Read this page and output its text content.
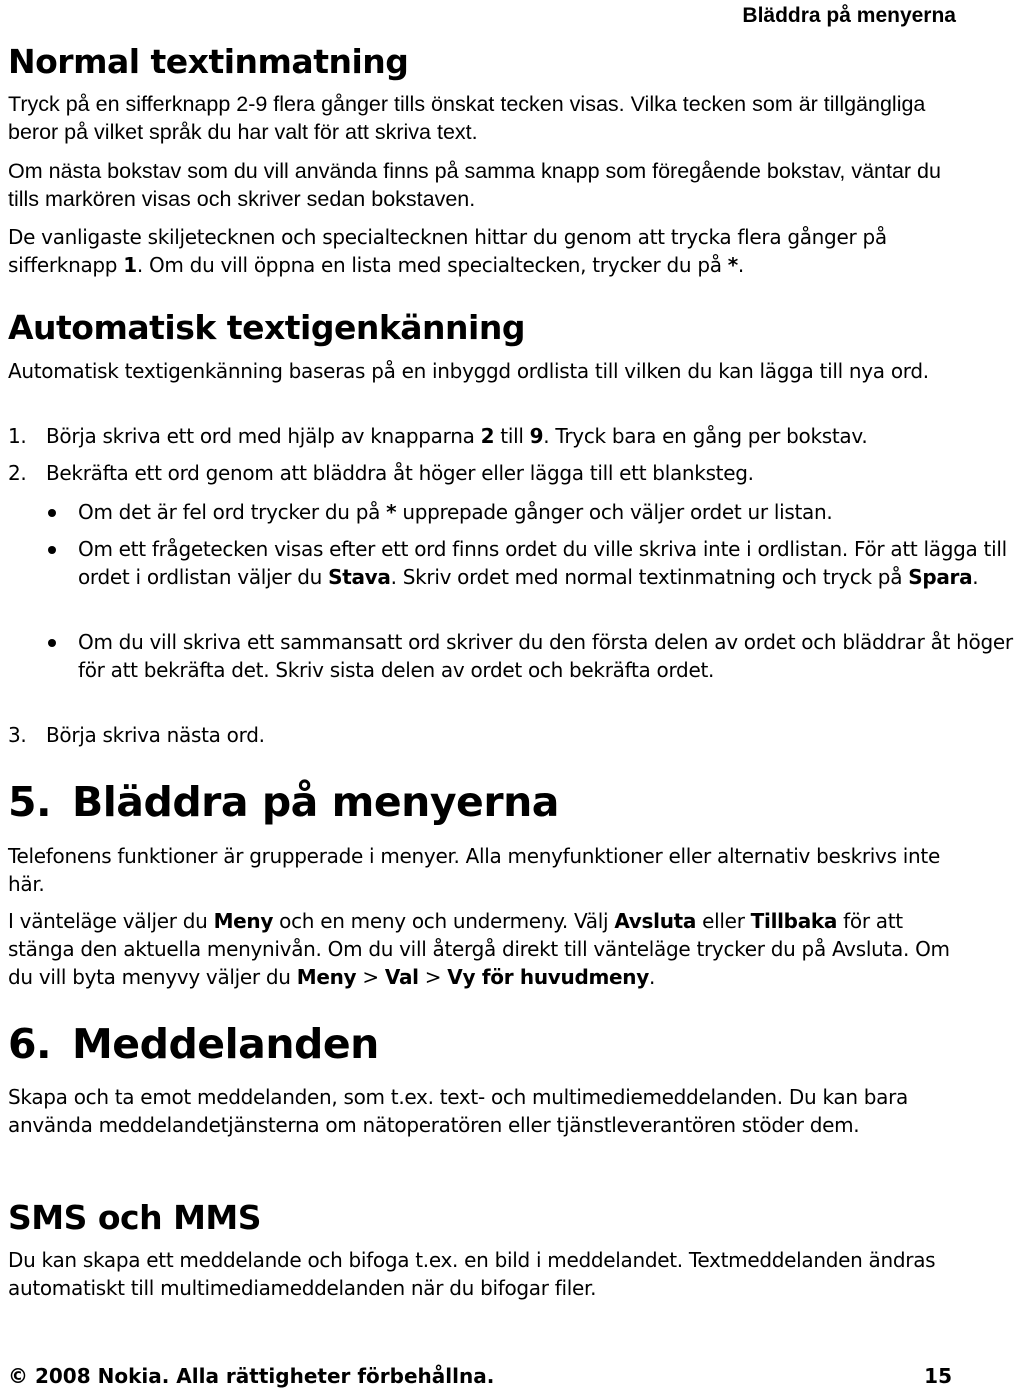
Bläddra på menyerna
Normal textinmatning

Tryck på en sifferknapp 2-9 flera gånger tills önskat tecken visas. Vilka tecken som är tillgängliga beror på vilket språk du har valt för att skriva text.

Om nästa bokstav som du vill använda finns på samma knapp som föregående bokstav, väntar du tills markören visas och skriver sedan bokstaven.

De vanligaste skiljetecknen och specialtecknen hittar du genom att trycka flera gånger på sifferknapp 1. Om du vill öppna en lista med specialtecken, trycker du på *.

Automatisk textigenkänning

Automatisk textigenkänning baseras på en inbyggd ordlista till vilken du kan lägga till nya ord.

1. Börja skriva ett ord med hjälp av knapparna 2 till 9. Tryck bara en gång per bokstav.
2. Bekräfta ett ord genom att bläddra åt höger eller lägga till ett blanksteg.
Om det är fel ord trycker du på * upprepade gånger och väljer ordet ur listan.
Om ett frågetecken visas efter ett ord finns ordet du ville skriva inte i ordlistan. För att lägga till ordet i ordlistan väljer du Stava. Skriv ordet med normal textinmatning och tryck på Spara.
Om du vill skriva ett sammansatt ord skriver du den första delen av ordet och bläddrar åt höger för att bekräfta det. Skriv sista delen av ordet och bekräfta ordet.
3. Börja skriva nästa ord.
5. Bläddra på menyerna

Telefonens funktioner är grupperade i menyer. Alla menyfunktioner eller alternativ beskrivs inte här.

I vänteläge väljer du Meny och en meny och undermeny. Välj Avsluta eller Tillbaka för att stänga den aktuella menynivån. Om du vill återgå direkt till vänteläge trycker du på Avsluta. Om du vill byta menyvy väljer du Meny > Val > Vy för huvudmeny.

6. Meddelanden

Skapa och ta emot meddelanden, som t.ex. text- och multimediemeddelanden. Du kan bara använda meddelandetjänsterna om nätoperatören eller tjänstleverantören stöder dem.

SMS och MMS

Du kan skapa ett meddelande och bifoga t.ex. en bild i meddelandet. Textmeddelanden ändras automatiskt till multimediameddelanden när du bifogar filer.

© 2008 Nokia. Alla rättigheter förbehållna.	15
